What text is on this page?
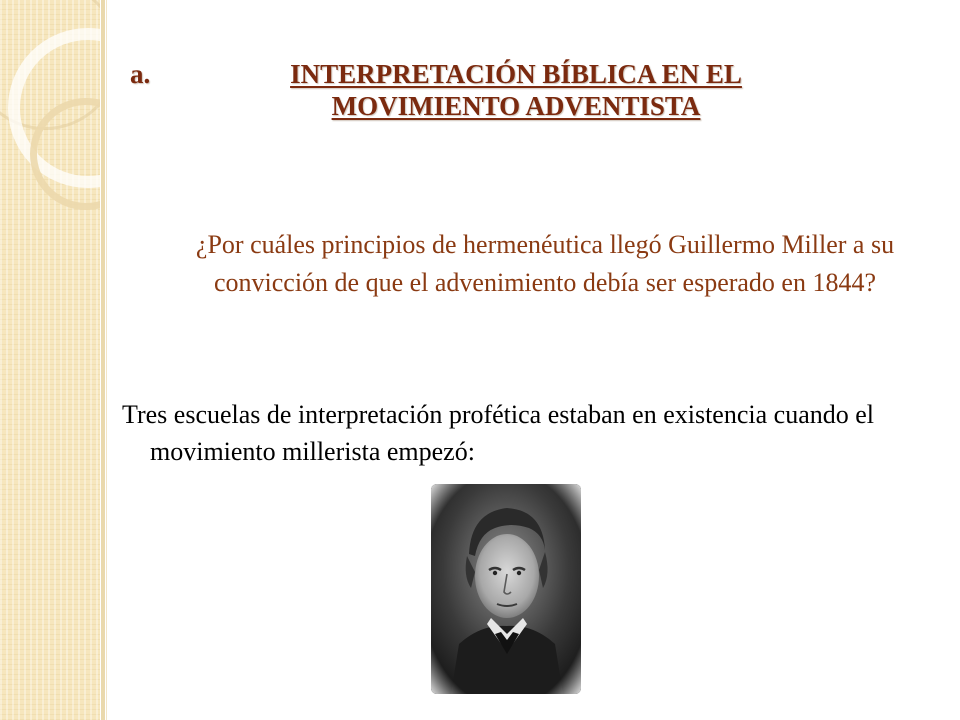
a.	INTERPRETACIÓN BÍBLICA EN EL MOVIMIENTO ADVENTISTA
¿Por cuáles principios de hermenéutica llegó Guillermo Miller a su convicción de que el advenimiento debía ser esperado en 1844?
Tres escuelas de interpretación profética estaban en existencia cuando el movimiento millerista empezó:
